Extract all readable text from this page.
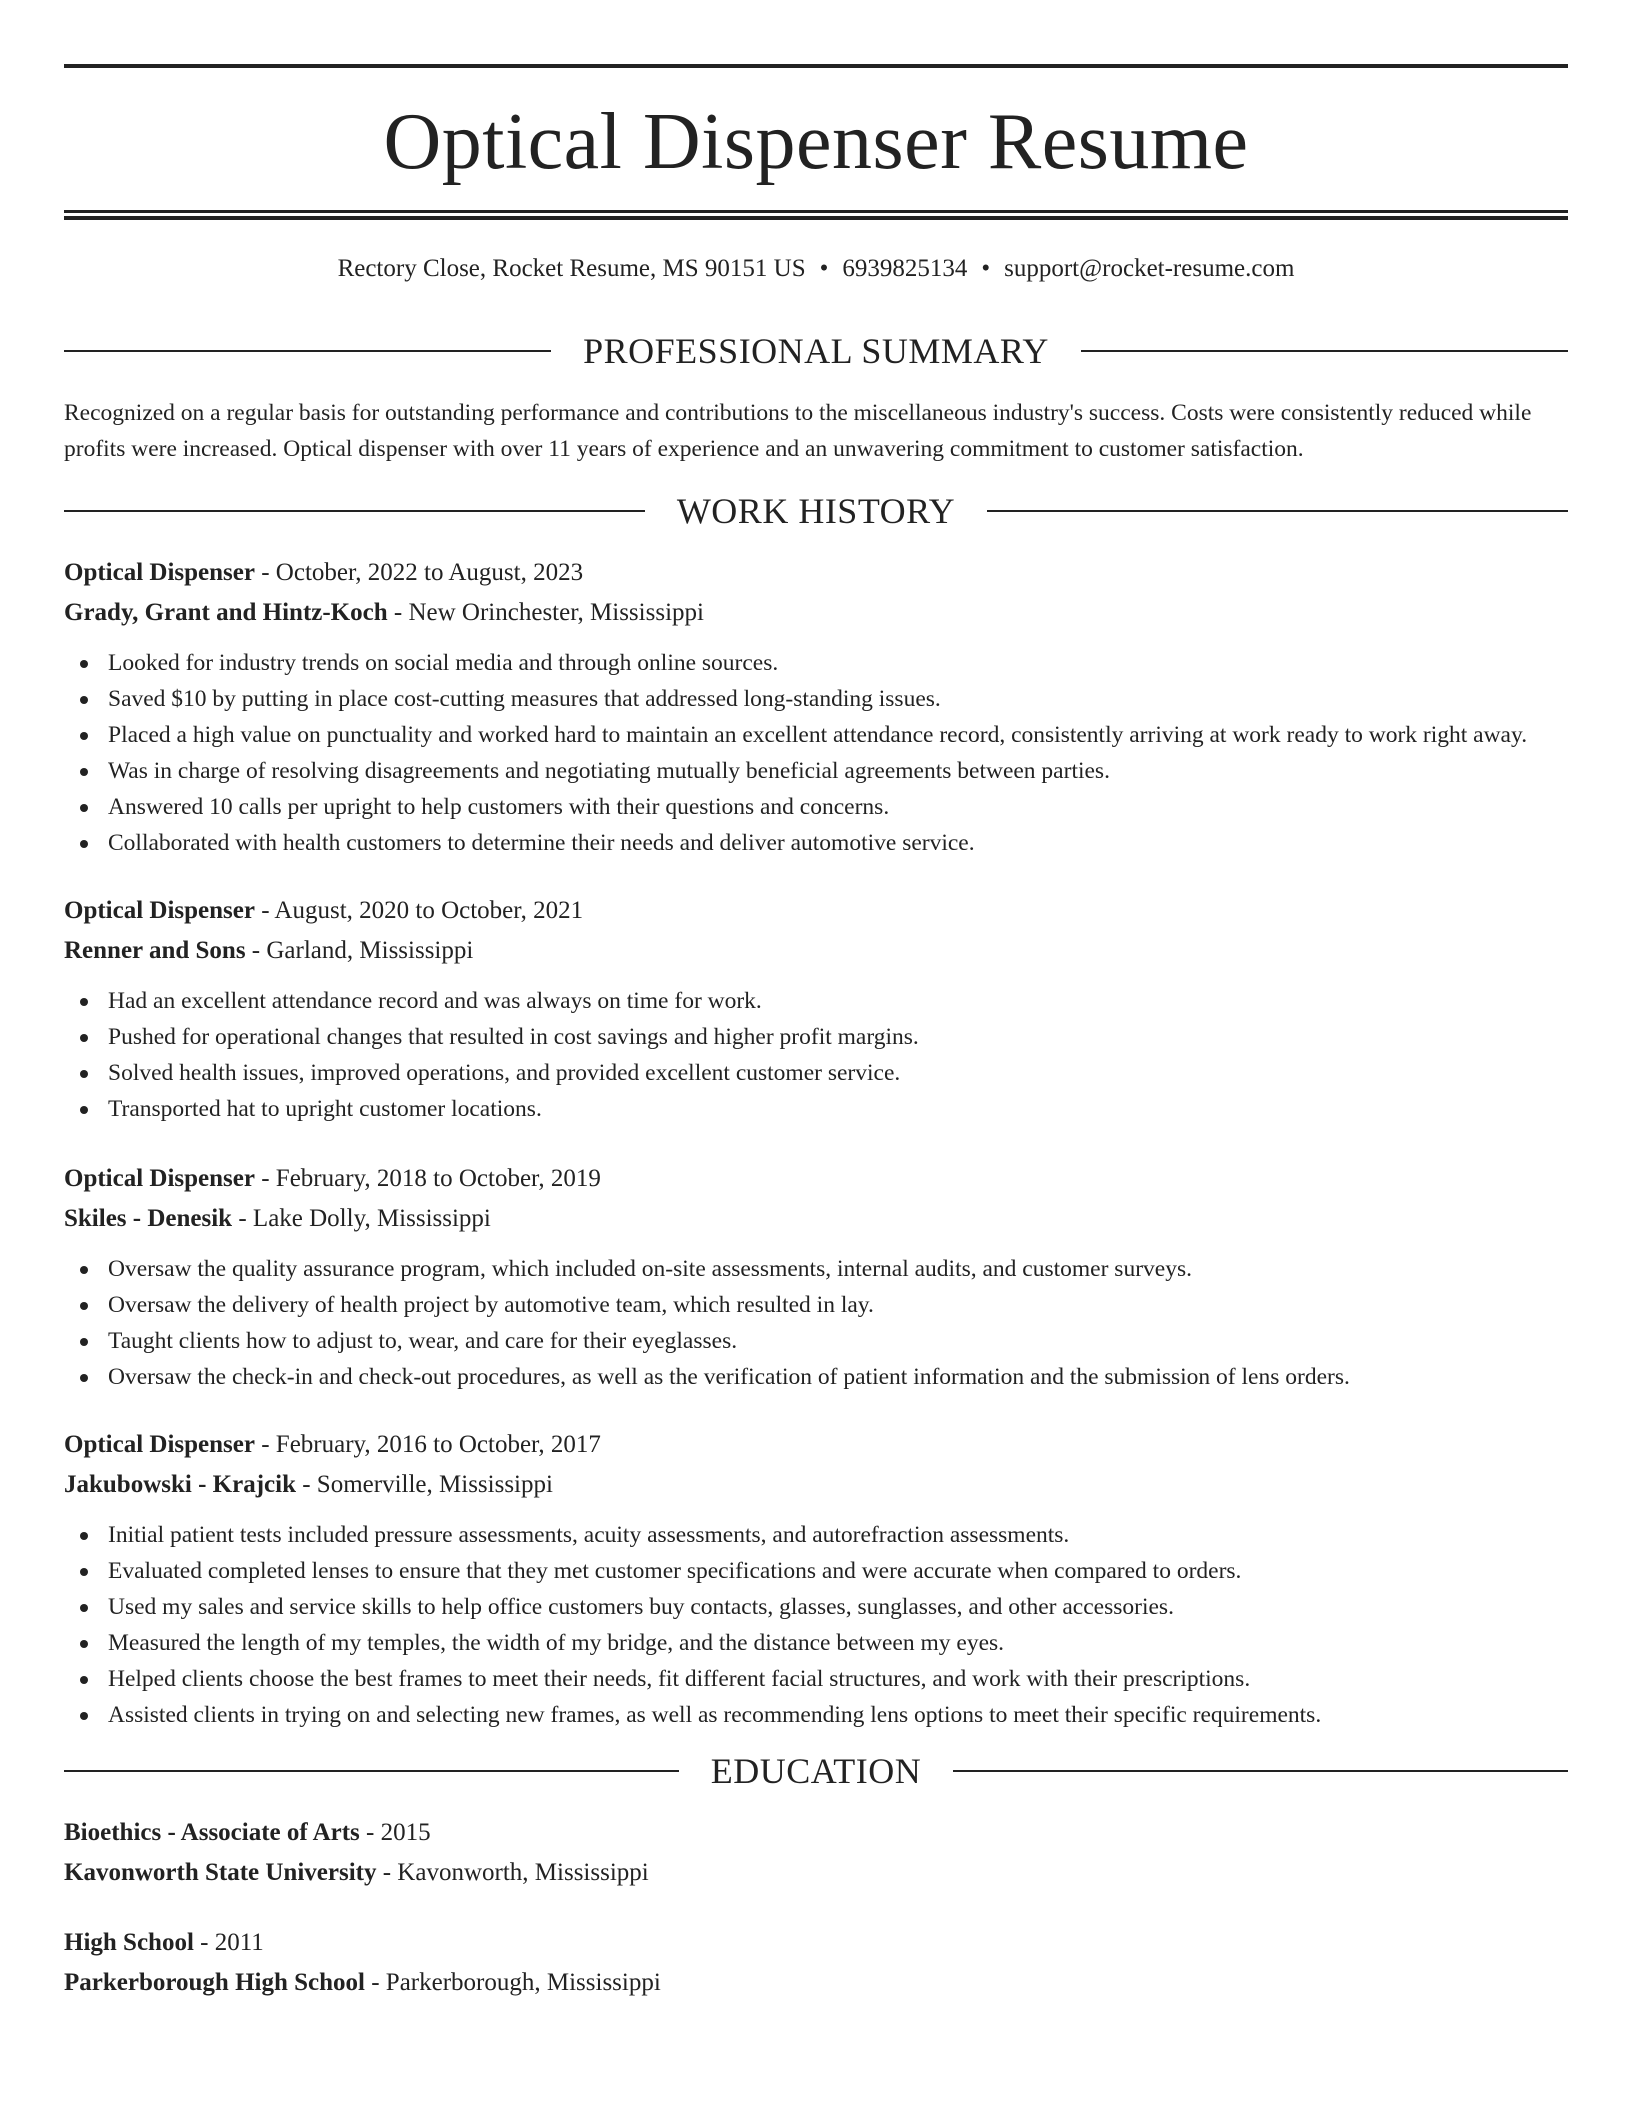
Optical Dispenser Resume
Rectory Close, Rocket Resume, MS 90151 US • 6939825134 • support@rocket-resume.com
PROFESSIONAL SUMMARY

Recognized on a regular basis for outstanding performance and contributions to the miscellaneous industry's success. Costs were consistently reduced while profits were increased. Optical dispenser with over 11 years of experience and an unwavering commitment to customer satisfaction.

WORK HISTORY
Optical Dispenser - October, 2022 to August, 2023
Grady, Grant and Hintz-Koch - New Orinchester, Mississippi
Looked for industry trends on social media and through online sources.
Saved $10 by putting in place cost-cutting measures that addressed long-standing issues.
Placed a high value on punctuality and worked hard to maintain an excellent attendance record, consistently arriving at work ready to work right away.
Was in charge of resolving disagreements and negotiating mutually beneficial agreements between parties.
Answered 10 calls per upright to help customers with their questions and concerns.
Collaborated with health customers to determine their needs and deliver automotive service.
Optical Dispenser - August, 2020 to October, 2021
Renner and Sons - Garland, Mississippi
Had an excellent attendance record and was always on time for work.
Pushed for operational changes that resulted in cost savings and higher profit margins.
Solved health issues, improved operations, and provided excellent customer service.
Transported hat to upright customer locations.
Optical Dispenser - February, 2018 to October, 2019
Skiles - Denesik - Lake Dolly, Mississippi
Oversaw the quality assurance program, which included on-site assessments, internal audits, and customer surveys.
Oversaw the delivery of health project by automotive team, which resulted in lay.
Taught clients how to adjust to, wear, and care for their eyeglasses.
Oversaw the check-in and check-out procedures, as well as the verification of patient information and the submission of lens orders.
Optical Dispenser - February, 2016 to October, 2017
Jakubowski - Krajcik - Somerville, Mississippi
Initial patient tests included pressure assessments, acuity assessments, and autorefraction assessments.
Evaluated completed lenses to ensure that they met customer specifications and were accurate when compared to orders.
Used my sales and service skills to help office customers buy contacts, glasses, sunglasses, and other accessories.
Measured the length of my temples, the width of my bridge, and the distance between my eyes.
Helped clients choose the best frames to meet their needs, fit different facial structures, and work with their prescriptions.
Assisted clients in trying on and selecting new frames, as well as recommending lens options to meet their specific requirements.
EDUCATION
Bioethics - Associate of Arts - 2015
Kavonworth State University - Kavonworth, Mississippi
High School - 2011
Parkerborough High School - Parkerborough, Mississippi
